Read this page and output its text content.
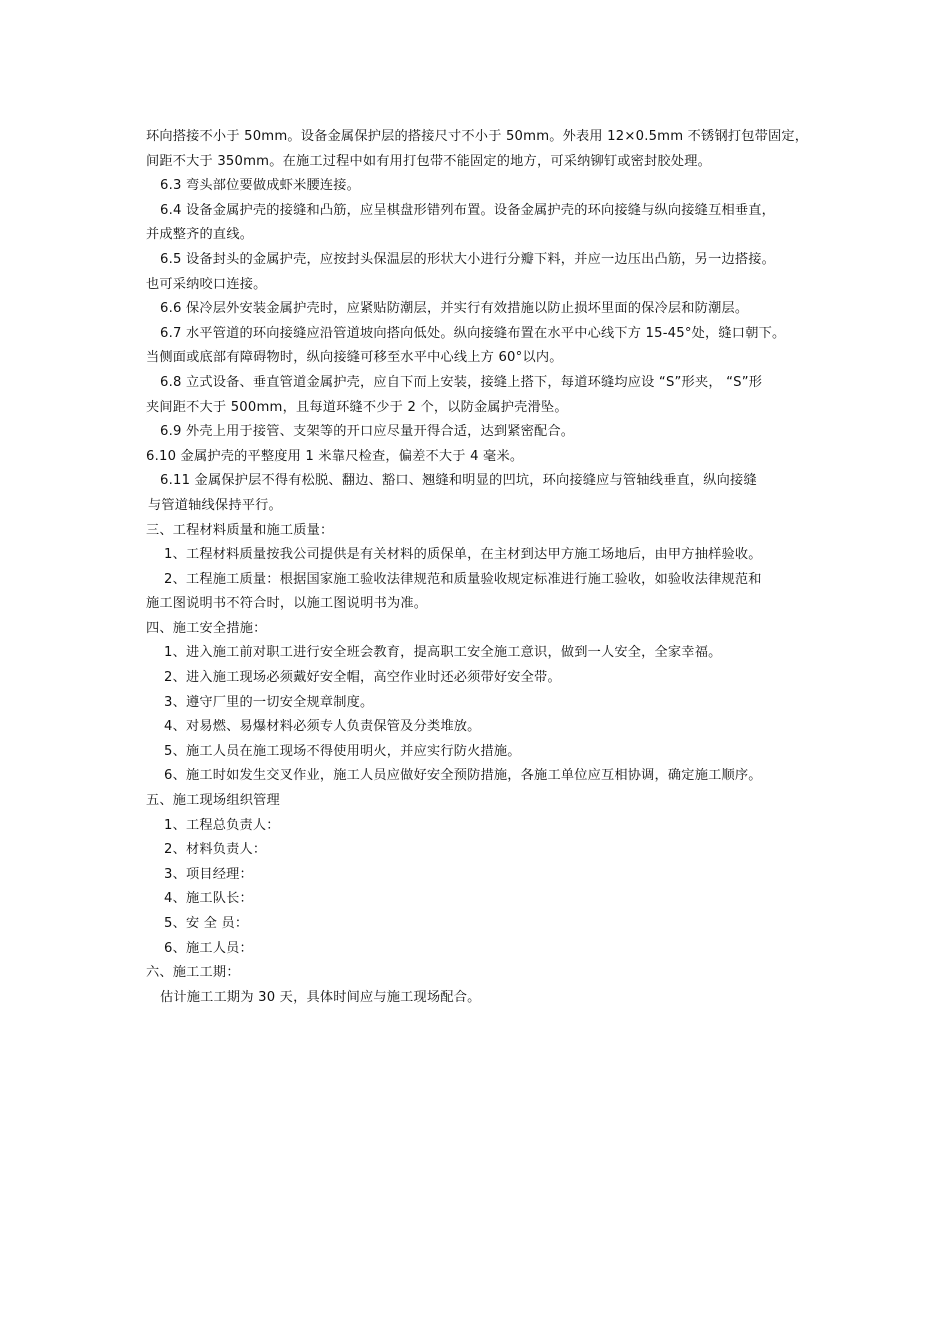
环向搭接不小于 50mm。设备金属保护层的搭接尺寸不小于 50mm。外表用 12×0.5mm 不锈钢打包带固定，
间距不大于 350mm。在施工过程中如有用打包带不能固定的地方，可采纳铆钉或密封胶处理。
6.3 弯头部位要做成虾米腰连接。
6.4 设备金属护壳的接缝和凸筋，应呈棋盘形错列布置。设备金属护壳的环向接缝与纵向接缝互相垂直，
并成整齐的直线。
6.5 设备封头的金属护壳，应按封头保温层的形状大小进行分瓣下料，并应一边压出凸筋，另一边搭接。
也可采纳咬口连接。
6.6 保冷层外安装金属护壳时，应紧贴防潮层，并实行有效措施以防止损坏里面的保冷层和防潮层。
6.7 水平管道的环向接缝应沿管道坡向搭向低处。纵向接缝布置在水平中心线下方 15-45°处，缝口朝下。
当侧面或底部有障碍物时，纵向接缝可移至水平中心线上方 60°以内。
6.8 立式设备、垂直管道金属护壳，应自下而上安装，接缝上搭下，每道环缝均应设 “S”形夹， “S”形
夹间距不大于 500mm，且每道环缝不少于 2 个，以防金属护壳滑坠。
6.9 外壳上用于接管、支架等的开口应尽量开得合适，达到紧密配合。
6.10 金属护壳的平整度用 1 米靠尺检查，偏差不大于 4 毫米。
6.11 金属保护层不得有松脱、翻边、豁口、翘缝和明显的凹坑，环向接缝应与管轴线垂直，纵向接缝
与管道轴线保持平行。
三、工程材料质量和施工质量：
1、工程材料质量按我公司提供是有关材料的质保单，在主材到达甲方施工场地后，由甲方抽样验收。
2、工程施工质量：根据国家施工验收法律规范和质量验收规定标准进行施工验收，如验收法律规范和
施工图说明书不符合时，以施工图说明书为准。
四、施工安全措施：
1、进入施工前对职工进行安全班会教育，提高职工安全施工意识，做到一人安全，全家幸福。
2、进入施工现场必须戴好安全帽，高空作业时还必须带好安全带。
3、遵守厂里的一切安全规章制度。
4、对易燃、易爆材料必须专人负责保管及分类堆放。
5、施工人员在施工现场不得使用明火，并应实行防火措施。
6、施工时如发生交叉作业，施工人员应做好安全预防措施，各施工单位应互相协调，确定施工顺序。
五、施工现场组织管理
1、工程总负责人：
2、材料负责人：
3、项目经理：
4、施工队长：
5、安 全 员：
6、施工人员：
六、施工工期：
估计施工工期为 30 天，具体时间应与施工现场配合。
